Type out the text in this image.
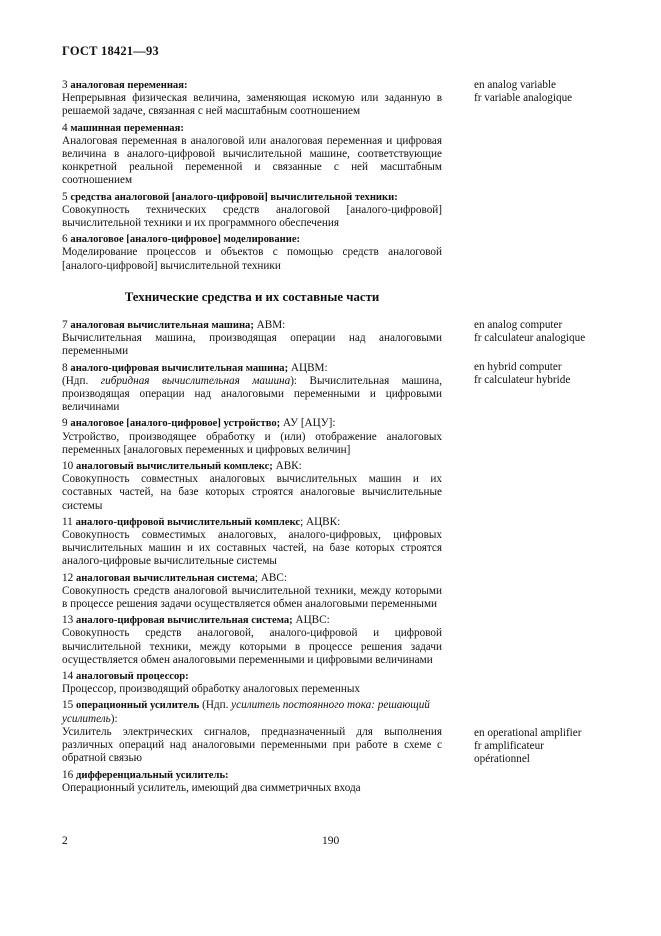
ГОСТ 18421—93
3 аналоговая переменная:
Непрерывная физическая величина, заменяющая искомую или заданную в решаемой задаче, связанная с ней масштабным соотношением
4 машинная переменная:
Аналоговая переменная в аналоговой или аналоговая переменная и цифровая величина в аналого-цифровой вычислительной машине, соответствующие конкретной реальной переменной и связанные с ней масштабным соотношением
5 средства аналоговой [аналого-цифровой] вычислительной техники:
Совокупность технических средств аналоговой [аналого-цифровой] вычислительной техники и их программного обеспечения
6 аналоговое [аналого-цифровое] моделирование:
Моделирование процессов и объектов с помощью средств аналоговой [аналого-цифровой] вычислительной техники
Технические средства и их составные части
7 аналоговая вычислительная машина; АВМ:
Вычислительная машина, производящая операции над аналоговыми переменными
8 аналого-цифровая вычислительная машина; АЦВМ:
(Ндп. гибридная вычислительная машина): Вычислительная машина, производящая операции над аналоговыми переменными и цифровыми величинами
9 аналоговое [аналого-цифровое] устройство; АУ [АЦУ]:
Устройство, производящее обработку и (или) отображение аналоговых переменных [аналоговых переменных и цифровых величин]
10 аналоговый вычислительный комплекс; АВК:
Совокупность совместных аналоговых вычислительных машин и их составных частей, на базе которых строятся аналоговые вычислительные системы
11 аналого-цифровой вычислительный комплекс; АЦВК:
Совокупность совместимых аналоговых, аналого-цифровых, цифровых вычислительных машин и их составных частей, на базе которых строятся аналого-цифровые вычислительные системы
12 аналоговая вычислительная система; АВС:
Совокупность средств аналоговой вычислительной техники, между которыми в процессе решения задачи осуществляется обмен аналоговыми переменными
13 аналого-цифровая вычислительная система; АЦВС:
Совокупность средств аналоговой, аналого-цифровой и цифровой вычислительной техники, между которыми в процессе решения задачи осуществляется обмен аналоговыми переменными и цифровыми величинами
14 аналоговый процессор:
Процессор, производящий обработку аналоговых переменных
15 операционный усилитель (Ндп. усилитель постоянного тока: решающий усилитель):
Усилитель электрических сигналов, предназначенный для выполнения различных операций над аналоговыми переменными при работе в схеме с обратной связью
16 дифференциальный усилитель:
Операционный усилитель, имеющий два симметричных входа
en analog variable
fr variable analogique
en analog computer
fr calculateur analogique
en hybrid computer
fr calculateur hybride
en operational amplifier
fr amplificateur
opérationnel
2	190
